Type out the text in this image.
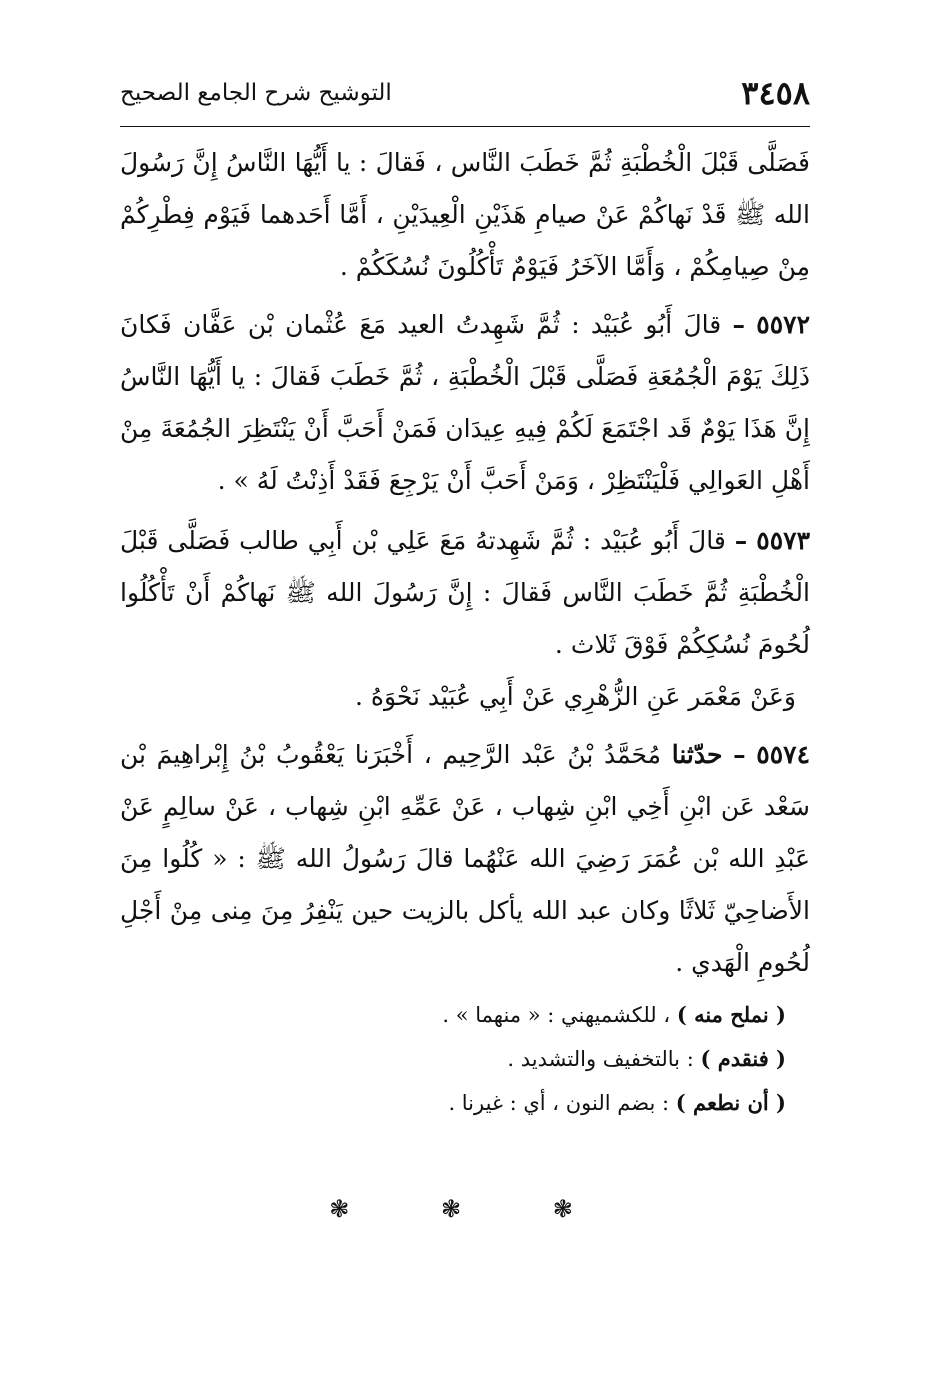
٣٤٥٨
التوشيح شرح الجامع الصحيح

فَصَلَّى قَبْلَ الْخُطْبَةِ ثُمَّ خَطَبَ النَّاس ، فَقالَ : يا أَيُّهَا النَّاسُ إِنَّ رَسُولَ الله ﷺ قَدْ نَهاكُمْ عَنْ صيامِ هَذَيْنِ الْعِيدَيْنِ ، أَمَّا أَحَدهما فَيَوْم فِطْرِكُمْ مِنْ صِيامِكُمْ ، وَأَمَّا الآخَرُ فَيَوْمٌ تَأْكُلُونَ نُسُكَكُمْ .

٥٥٧٢ – قالَ أَبُو عُبَيْد : ثُمَّ شَهِدتُ العيد مَعَ عُثْمان بْن عَفَّان فَكانَ ذَلِكَ يَوْمَ الْجُمُعَةِ فَصَلَّى قَبْلَ الْخُطْبَةِ ، ثُمَّ خَطَبَ فَقالَ : يا أَيُّهَا النَّاسُ إِنَّ هَذَا يَوْمٌ قَد اجْتَمَعَ لَكُمْ فِيهِ عِيدَان فَمَنْ أَحَبَّ أَنْ يَنْتَظِرَ الجُمُعَةَ مِنْ أَهْلِ العَوالِي فَلْيَنْتَظِرْ ، وَمَنْ أَحَبَّ أَنْ يَرْجِعَ فَقَدْ أَذِنْتُ لَهُ » .

٥٥٧٣ – قالَ أَبُو عُبَيْد : ثُمَّ شَهِدتهُ مَعَ عَلِي بْن أَبِي طالب فَصَلَّى قَبْلَ الْخُطْبَةِ ثُمَّ خَطَبَ النَّاس فَقالَ : إِنَّ رَسُولَ الله ﷺ نَهاكُمْ أَنْ تَأْكُلُوا لُحُومَ نُسُكِكُمْ فَوْقَ ثَلاث .

وَعَنْ مَعْمَر عَنِ الزُّهْرِي عَنْ أَبِي عُبَيْد نَحْوَهُ .

٥٥٧٤ – حدّثنا مُحَمَّدُ بْنُ عَبْد الرَّحِيم ، أَخْبَرَنا يَعْقُوبُ بْنُ إِبْراهِيمَ بْن سَعْد عَن ابْنِ أَخِي ابْنِ شِهاب ، عَنْ عَمِّهِ ابْنِ شِهاب ، عَنْ سالِمٍ عَنْ عَبْدِ الله بْن عُمَرَ رَضِيَ الله عَنْهُما قالَ رَسُولُ الله ﷺ : « كُلُوا مِنَ الأَضاحِيّ ثَلاثًا وكان عبد الله يأكل بالزيت حين يَنْفِرُ مِنَ مِنى مِنْ أَجْلِ لُحُومِ الْهَدي .

( نملح منه ) ، للكشميهني : « منهما » .
( فنقدم ) : بالتخفيف والتشديد .
( أن نطعم ) : بضم النون ، أي : غيرنا .
❃	❃	❃
